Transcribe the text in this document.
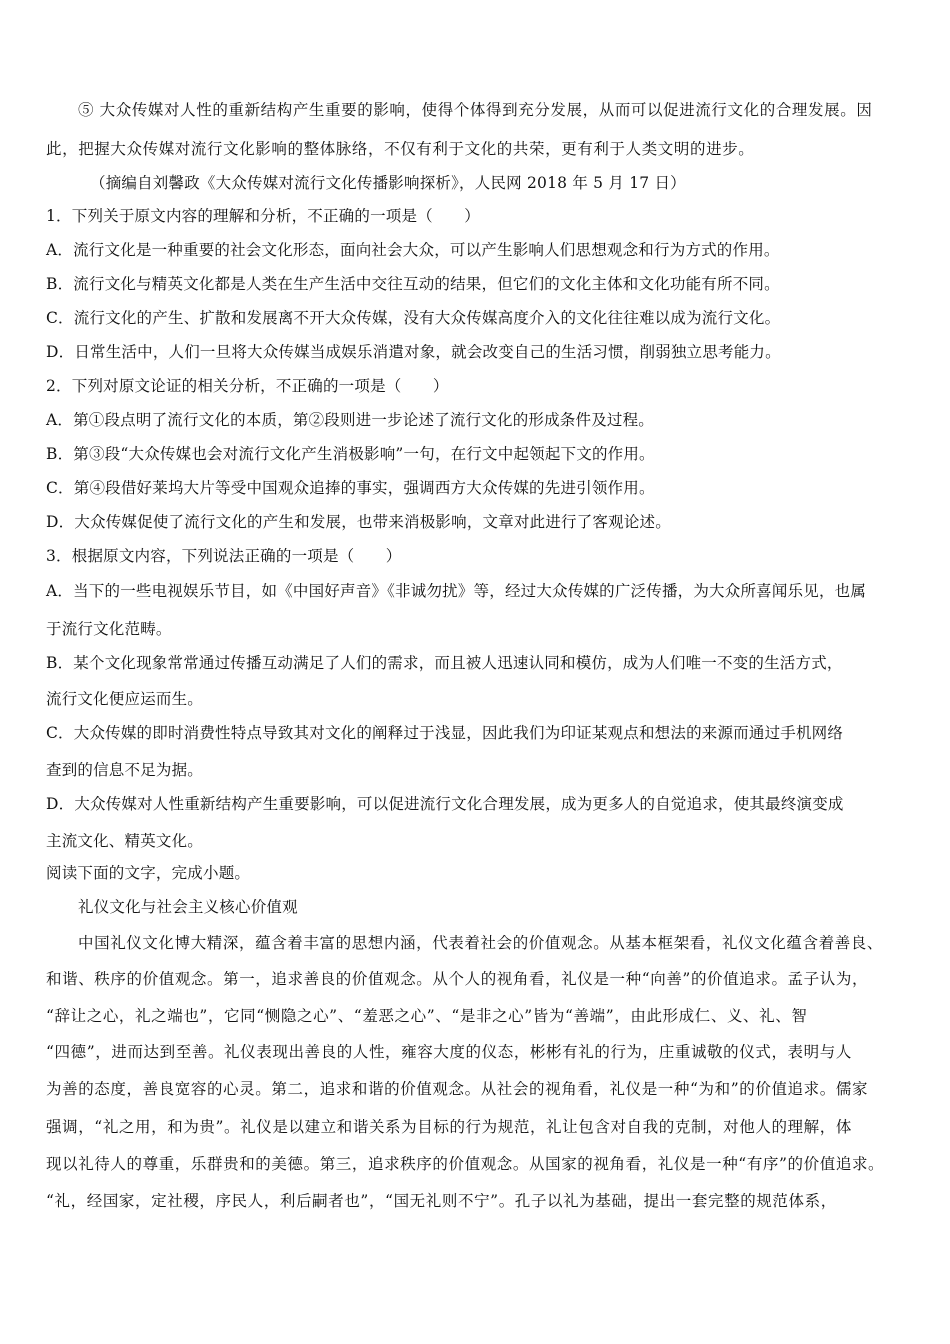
⑤ 大众传媒对人性的重新结构产生重要的影响，使得个体得到充分发展，从而可以促进流行文化的合理发展。因
此，把握大众传媒对流行文化影响的整体脉络，不仅有利于文化的共荣，更有利于人类文明的进步。
（摘编自刘馨政《大众传媒对流行文化传播影响探析》，人民网 2018 年 5 月 17 日）
1．下列关于原文内容的理解和分析，不正确的一项是（　　）
A．流行文化是一种重要的社会文化形态，面向社会大众，可以产生影响人们思想观念和行为方式的作用。
B．流行文化与精英文化都是人类在生产生活中交往互动的结果，但它们的文化主体和文化功能有所不同。
C．流行文化的产生、扩散和发展离不开大众传媒，没有大众传媒高度介入的文化往往难以成为流行文化。
D．日常生活中，人们一旦将大众传媒当成娱乐消遣对象，就会改变自己的生活习惯，削弱独立思考能力。
2．下列对原文论证的相关分析，不正确的一项是（　　）
A．第①段点明了流行文化的本质，第②段则进一步论述了流行文化的形成条件及过程。
B．第③段“大众传媒也会对流行文化产生消极影响”一句，在行文中起领起下文的作用。
C．第④段借好莱坞大片等受中国观众追捧的事实，强调西方大众传媒的先进引领作用。
D．大众传媒促使了流行文化的产生和发展，也带来消极影响，文章对此进行了客观论述。
3．根据原文内容，下列说法正确的一项是（　　）
A．当下的一些电视娱乐节目，如《中国好声音》《非诚勿扰》等，经过大众传媒的广泛传播，为大众所喜闻乐见，也属
于流行文化范畴。
B．某个文化现象常常通过传播互动满足了人们的需求，而且被人迅速认同和模仿，成为人们唯一不变的生活方式，
流行文化便应运而生。
C．大众传媒的即时消费性特点导致其对文化的阐释过于浅显，因此我们为印证某观点和想法的来源而通过手机网络
查到的信息不足为据。
D．大众传媒对人性重新结构产生重要影响，可以促进流行文化合理发展，成为更多人的自觉追求，使其最终演变成
主流文化、精英文化。
阅读下面的文字，完成小题。
礼仪文化与社会主义核心价值观
中国礼仪文化博大精深，蕴含着丰富的思想内涵，代表着社会的价值观念。从基本框架看，礼仪文化蕴含着善良、
和谐、秩序的价值观念。第一，追求善良的价值观念。从个人的视角看，礼仪是一种“向善”的价值追求。孟子认为，
“辞让之心，礼之端也”，它同“恻隐之心”、“羞恶之心”、“是非之心”皆为“善端”，由此形成仁、义、礼、智
“四德”，进而达到至善。礼仪表现出善良的人性，雍容大度的仪态，彬彬有礼的行为，庄重诚敬的仪式，表明与人
为善的态度，善良宽容的心灵。第二，追求和谐的价值观念。从社会的视角看，礼仪是一种“为和”的价值追求。儒家
强调，“礼之用，和为贵”。礼仪是以建立和谐关系为目标的行为规范，礼让包含对自我的克制，对他人的理解，体
现以礼待人的尊重，乐群贵和的美德。第三，追求秩序的价值观念。从国家的视角看，礼仪是一种“有序”的价值追求。
“礼，经国家，定社稷，序民人，利后嗣者也”，“国无礼则不宁”。孔子以礼为基础，提出一套完整的规范体系，
